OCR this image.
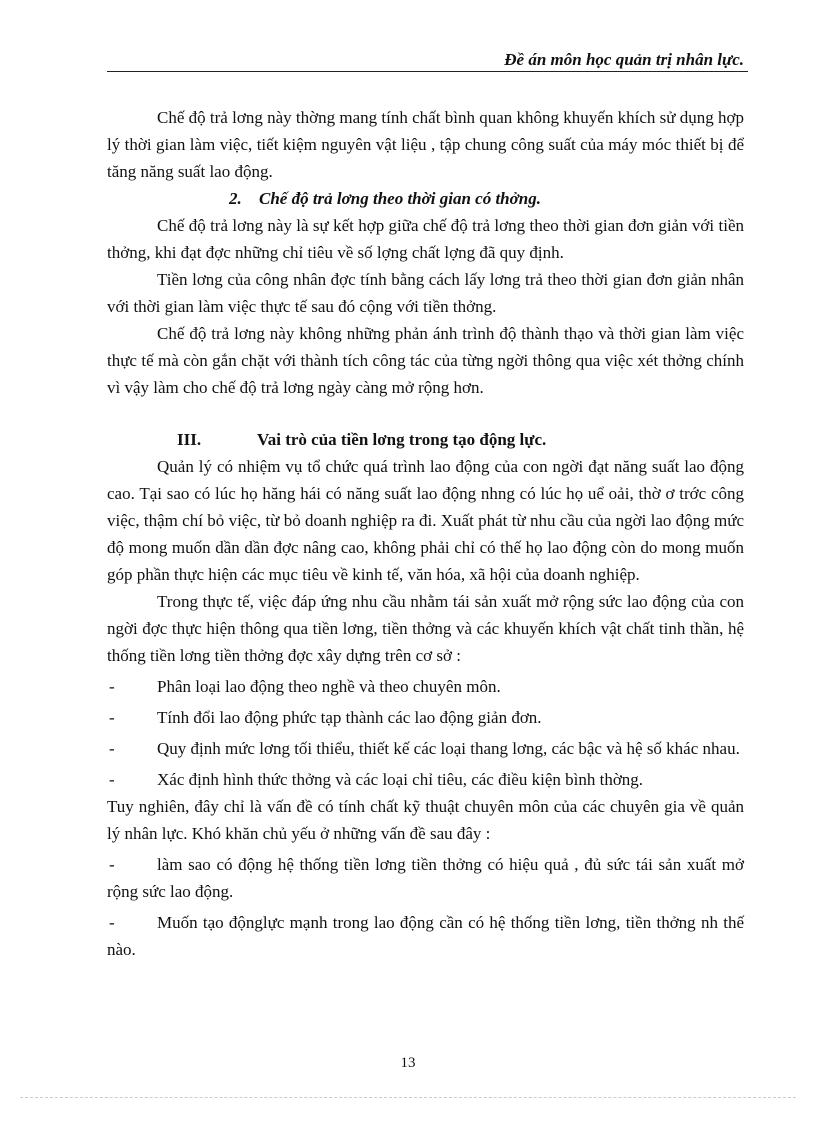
Đề án môn học quản trị nhân lực.

Chế độ trả lơng này thờng mang tính chất bình quan không khuyến khích sử dụng hợp lý thời gian làm việc, tiết kiệm nguyên vật liệu , tập chung công suất của máy móc thiết bị để tăng năng suất lao động.

2. Chế độ trả lơng theo thời gian có thởng.

Chế độ trả lơng này là sự kết hợp giữa chế độ trả lơng theo thời gian đơn giản với tiền thởng, khi đạt đợc những chỉ tiêu về số lợng chất lợng đã quy định.

Tiền lơng của công nhân đợc tính bằng cách lấy lơng trả theo thời gian đơn giản nhân với thời gian làm việc thực tế sau đó cộng với tiền thởng.

Chế độ trả lơng này không những phản ánh trình độ thành thạo và thời gian làm việc thực tế mà còn gắn chặt với thành tích công tác của từng ngời thông qua việc xét thởng chính vì vậy làm cho chế độ trả lơng ngày càng mở rộng hơn.

III.	Vai trò của tiền lơng trong tạo động lực.

Quản lý có nhiệm vụ tổ chức quá trình lao động của con ngời đạt năng suất lao động cao. Tại sao có lúc họ hăng hái có năng suất lao động nhng có lúc họ uể oải, thờ ơ trớc công việc, thậm chí bỏ việc, từ bỏ doanh nghiệp ra đi. Xuất phát từ nhu cầu của ngời lao động mức độ mong muốn dần dần đợc nâng cao, không phải chỉ có thế họ lao động còn do mong muốn góp phần thực hiện các mục tiêu về kinh tế, văn hóa, xã hội của doanh nghiệp.

Trong thực tế, việc đáp ứng nhu cầu nhằm tái sản xuất mở rộng sức lao động của con ngời đợc thực hiện thông qua tiền lơng, tiền thởng và các khuyến khích vật chất tinh thần, hệ thống tiền lơng tiền thởng đợc xây dựng trên cơ sở :

- Phân loại lao động theo nghề và theo chuyên môn.
- Tính đổi lao động phức tạp thành các lao động giản đơn.
- Quy định mức lơng tối thiểu, thiết kế các loại thang lơng, các bậc và hệ số khác nhau.
- Xác định hình thức thởng và các loại chỉ tiêu, các điều kiện bình thờng.

Tuy nghiên, đây chỉ là vấn đề có tính chất kỹ thuật chuyên môn của các chuyên gia về quản lý nhân lực. Khó khăn chủ yếu ở những vấn đề sau đây :

- làm sao có động hệ thống tiền lơng tiền thởng có hiệu quả , đủ sức tái sản xuất mở rộng sức lao động.
- Muốn tạo độnglực mạnh trong lao động cần có hệ thống tiền lơng, tiền thởng nh thế nào.
13
